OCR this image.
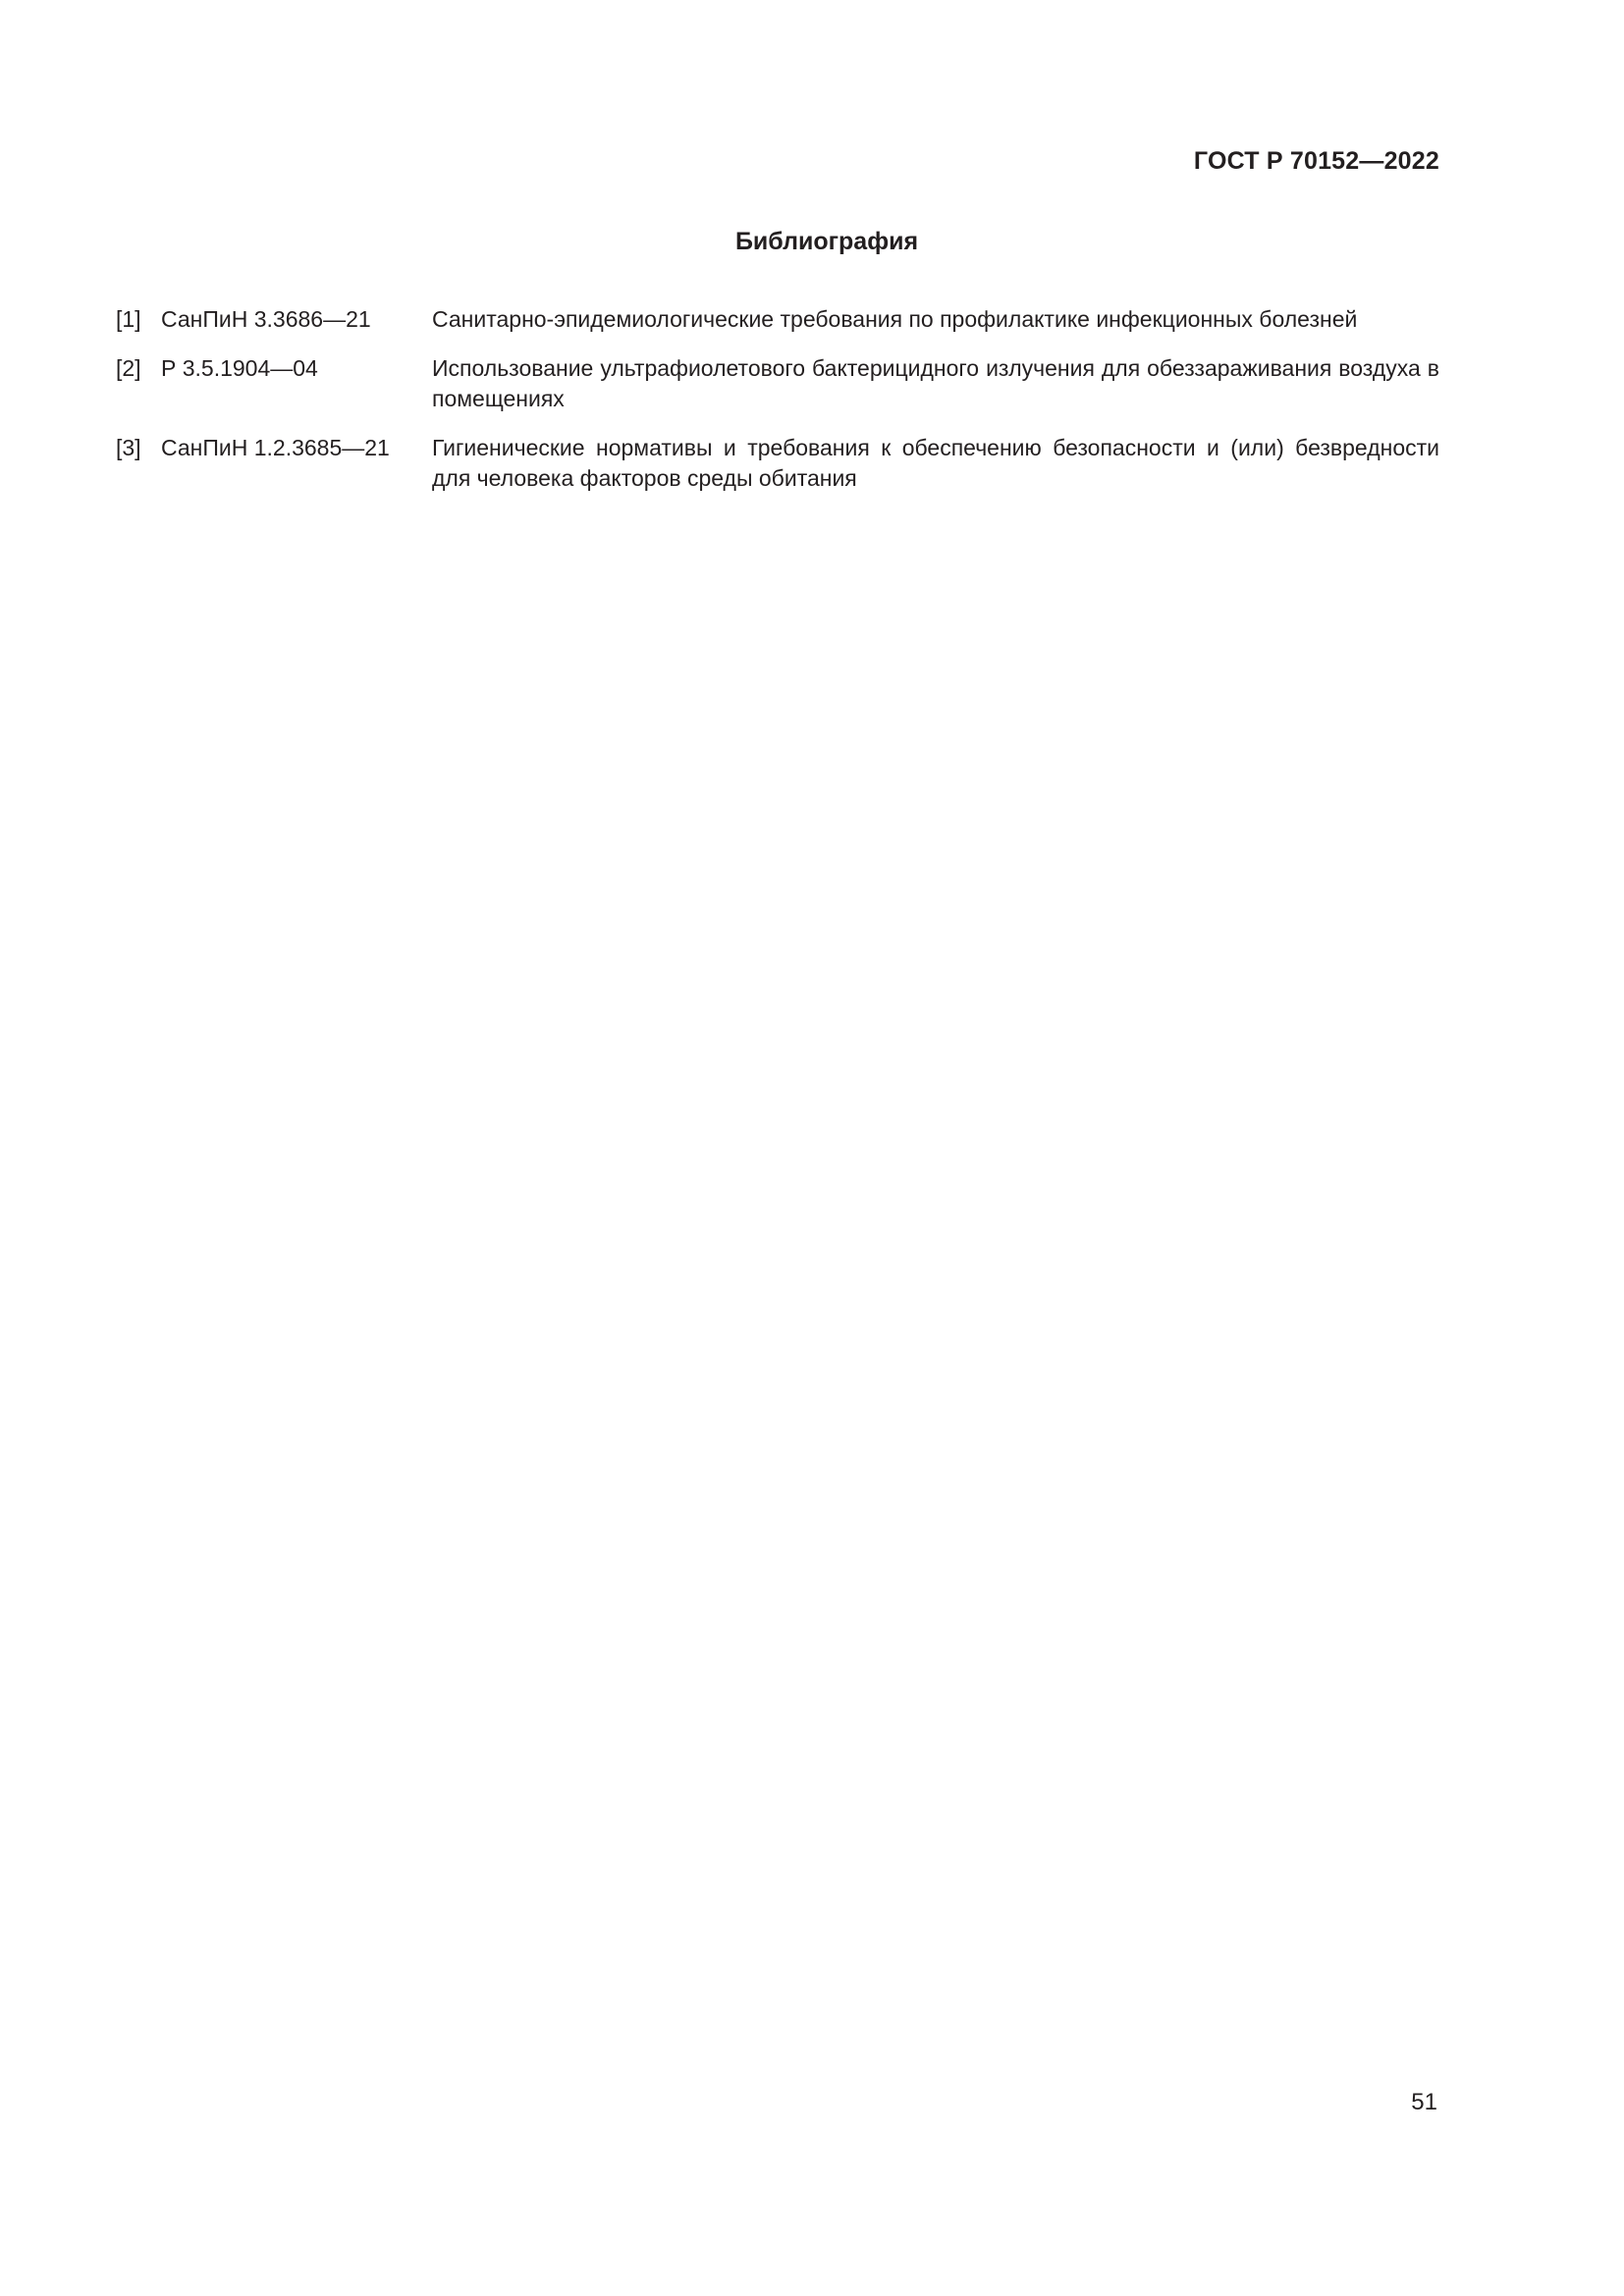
ГОСТ Р 70152—2022
Библиография
[1] СанПиН 3.3686—21	Санитарно-эпидемиологические требования по профилактике инфекционных болезней
[2] Р 3.5.1904—04	Использование ультрафиолетового бактерицидного излучения для обеззараживания воздуха в помещениях
[3] СанПиН 1.2.3685—21	Гигиенические нормативы и требования к обеспечению безопасности и (или) безвредности для человека факторов среды обитания
51
